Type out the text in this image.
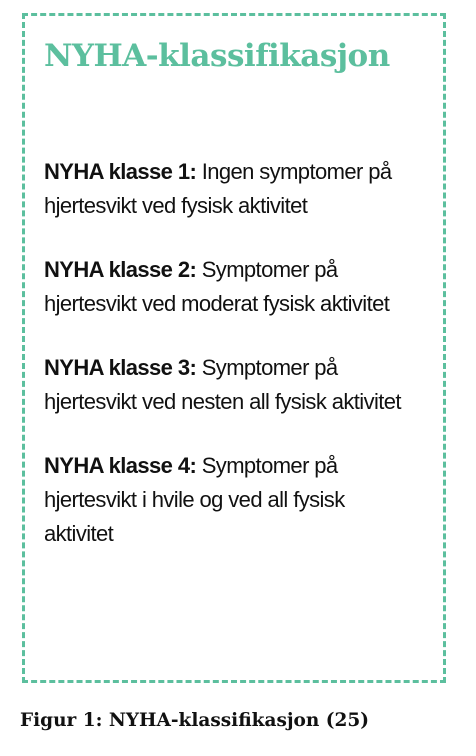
NYHA-klassifikasjon
NYHA klasse 1: Ingen symptomer på hjertesvikt ved fysisk aktivitet
NYHA klasse 2: Symptomer på hjertesvikt ved moderat fysisk aktivitet
NYHA klasse 3: Symptomer på hjertesvikt ved nesten all fysisk aktivitet
NYHA klasse 4: Symptomer på hjertesvikt i hvile og ved all fysisk aktivitet

Figur 1: NYHA-klassifikasjon (25)
